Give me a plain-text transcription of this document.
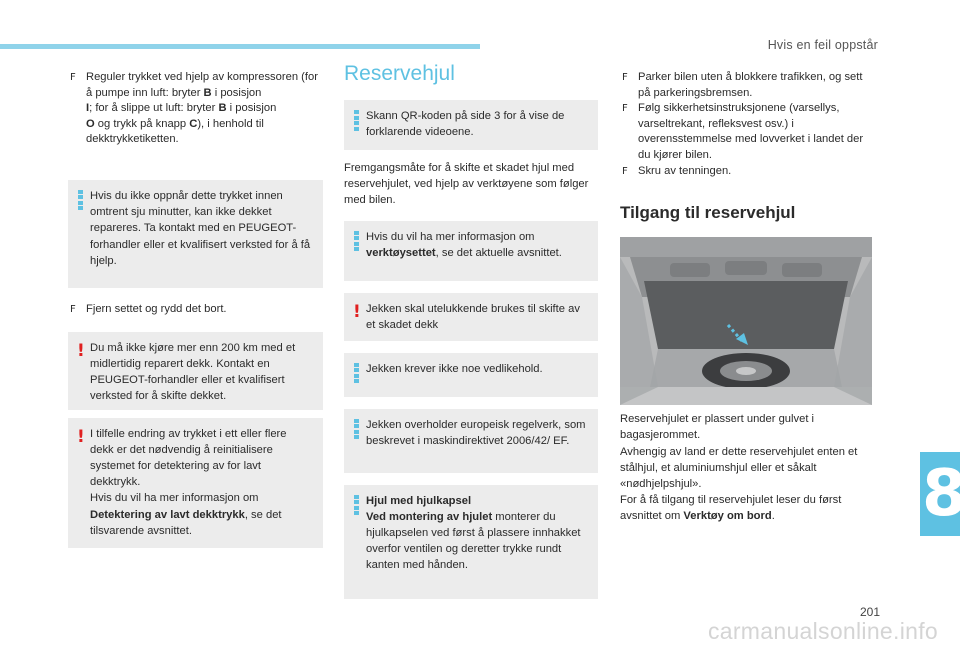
Hvis en feil oppstår
F Reguler trykket ved hjelp av kompressoren (for å pumpe inn luft: bryter B i posisjon
I; for å slippe ut luft: bryter B i posisjon
O og trykk på knapp C), i henhold til dekktrykketiketten.

Hvis du ikke oppnår dette trykket innen omtrent sju minutter, kan ikke dekket repareres. Ta kontakt med en PEUGEOT-forhandler eller et kvalifisert verksted for å få hjelp.

F Fjern settet og rydd det bort.
! Du må ikke kjøre mer enn 200 km med et midlertidig reparert dekk. Kontakt en PEUGEOT-forhandler eller et kvalifisert verksted for å skifte dekket.

! I tilfelle endring av trykket i ett eller flere dekk er det nødvendig å reinitialisere systemet for detektering av for lavt dekktrykk.
Hvis du vil ha mer informasjon om
Detektering av lavt dekktrykk, se det tilsvarende avsnittet.

Reservehjul

Skann QR-koden på side 3 for å vise de forklarende videoene.

Fremgangsmåte for å skifte et skadet hjul med reservehjulet, ved hjelp av verktøyene som følger med bilen.

Hvis du vil ha mer informasjon om
verktøysettet, se det aktuelle avsnittet.

! Jekken skal utelukkende brukes til skifte av et skadet dekk

Jekken krever ikke noe vedlikehold.

Jekken overholder europeisk regelverk, som beskrevet i maskindirektivet 2006/42/ EF.

Hjul med hjulkapsel
Ved montering av hjulet monterer du hjulkapselen ved først å plassere innhakket overfor ventilen og deretter trykke rundt kanten med hånden.

F Parker bilen uten å blokkere trafikken, og sett på parkeringsbremsen.
F Følg sikkerhetsinstruksjonene (varsellys, varseltrekant, refleksvest osv.) i overensstemmelse med lovverket i landet der du kjører bilen.
F Skru av tenningen.
Tilgang til reservehjul

Reservehjulet er plassert under gulvet i bagasjerommet.

Avhengig av land er dette reservehjulet enten et stålhjul, et aluminiumshjul eller et såkalt «nødhjelpshjul».

For å få tilgang til reservehjulet leser du først avsnittet om Verktøy om bord.	8
201
carmanualsonline.info
